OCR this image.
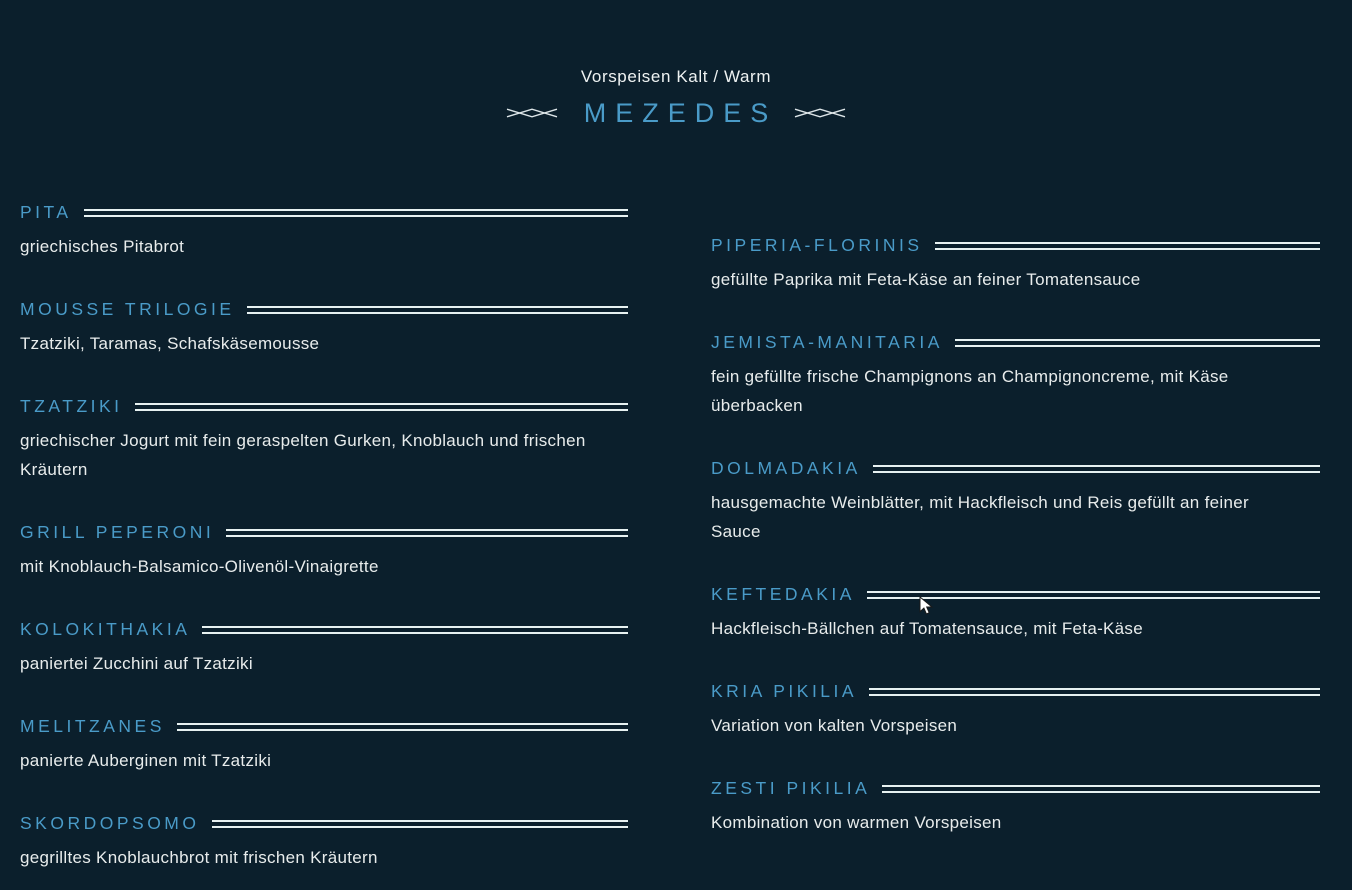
Vorspeisen Kalt / Warm
MEZEDES
PITA
griechisches Pitabrot
MOUSSE TRILOGIE
Tzatziki, Taramas, Schafskäsemousse
TZATZIKI
griechischer Jogurt mit fein geraspelten Gurken, Knoblauch und frischen
Kräutern
GRILL PEPERONI
mit Knoblauch-Balsamico-Olivenöl-Vinaigrette
KOLOKITHAKIA
paniertei Zucchini auf Tzatziki
MELITZANES
panierte Auberginen mit Tzatziki
SKORDOPSOMO
gegrilltes Knoblauchbrot mit frischen Kräutern
PIPERIA-FLORINIS
gefüllte Paprika mit Feta-Käse an feiner Tomatensauce
JEMISTA-MANITARIA
fein gefüllte frische Champignons an Champignoncreme, mit Käse
überbacken
DOLMADAKIA
hausgemachte Weinblätter, mit Hackfleisch und Reis gefüllt an feiner
Sauce
KEFTEDAKIA
Hackfleisch-Bällchen auf Tomatensauce, mit Feta-Käse
KRIA PIKILIA
Variation von kalten Vorspeisen
ZESTI PIKILIA
Kombination von warmen Vorspeisen
